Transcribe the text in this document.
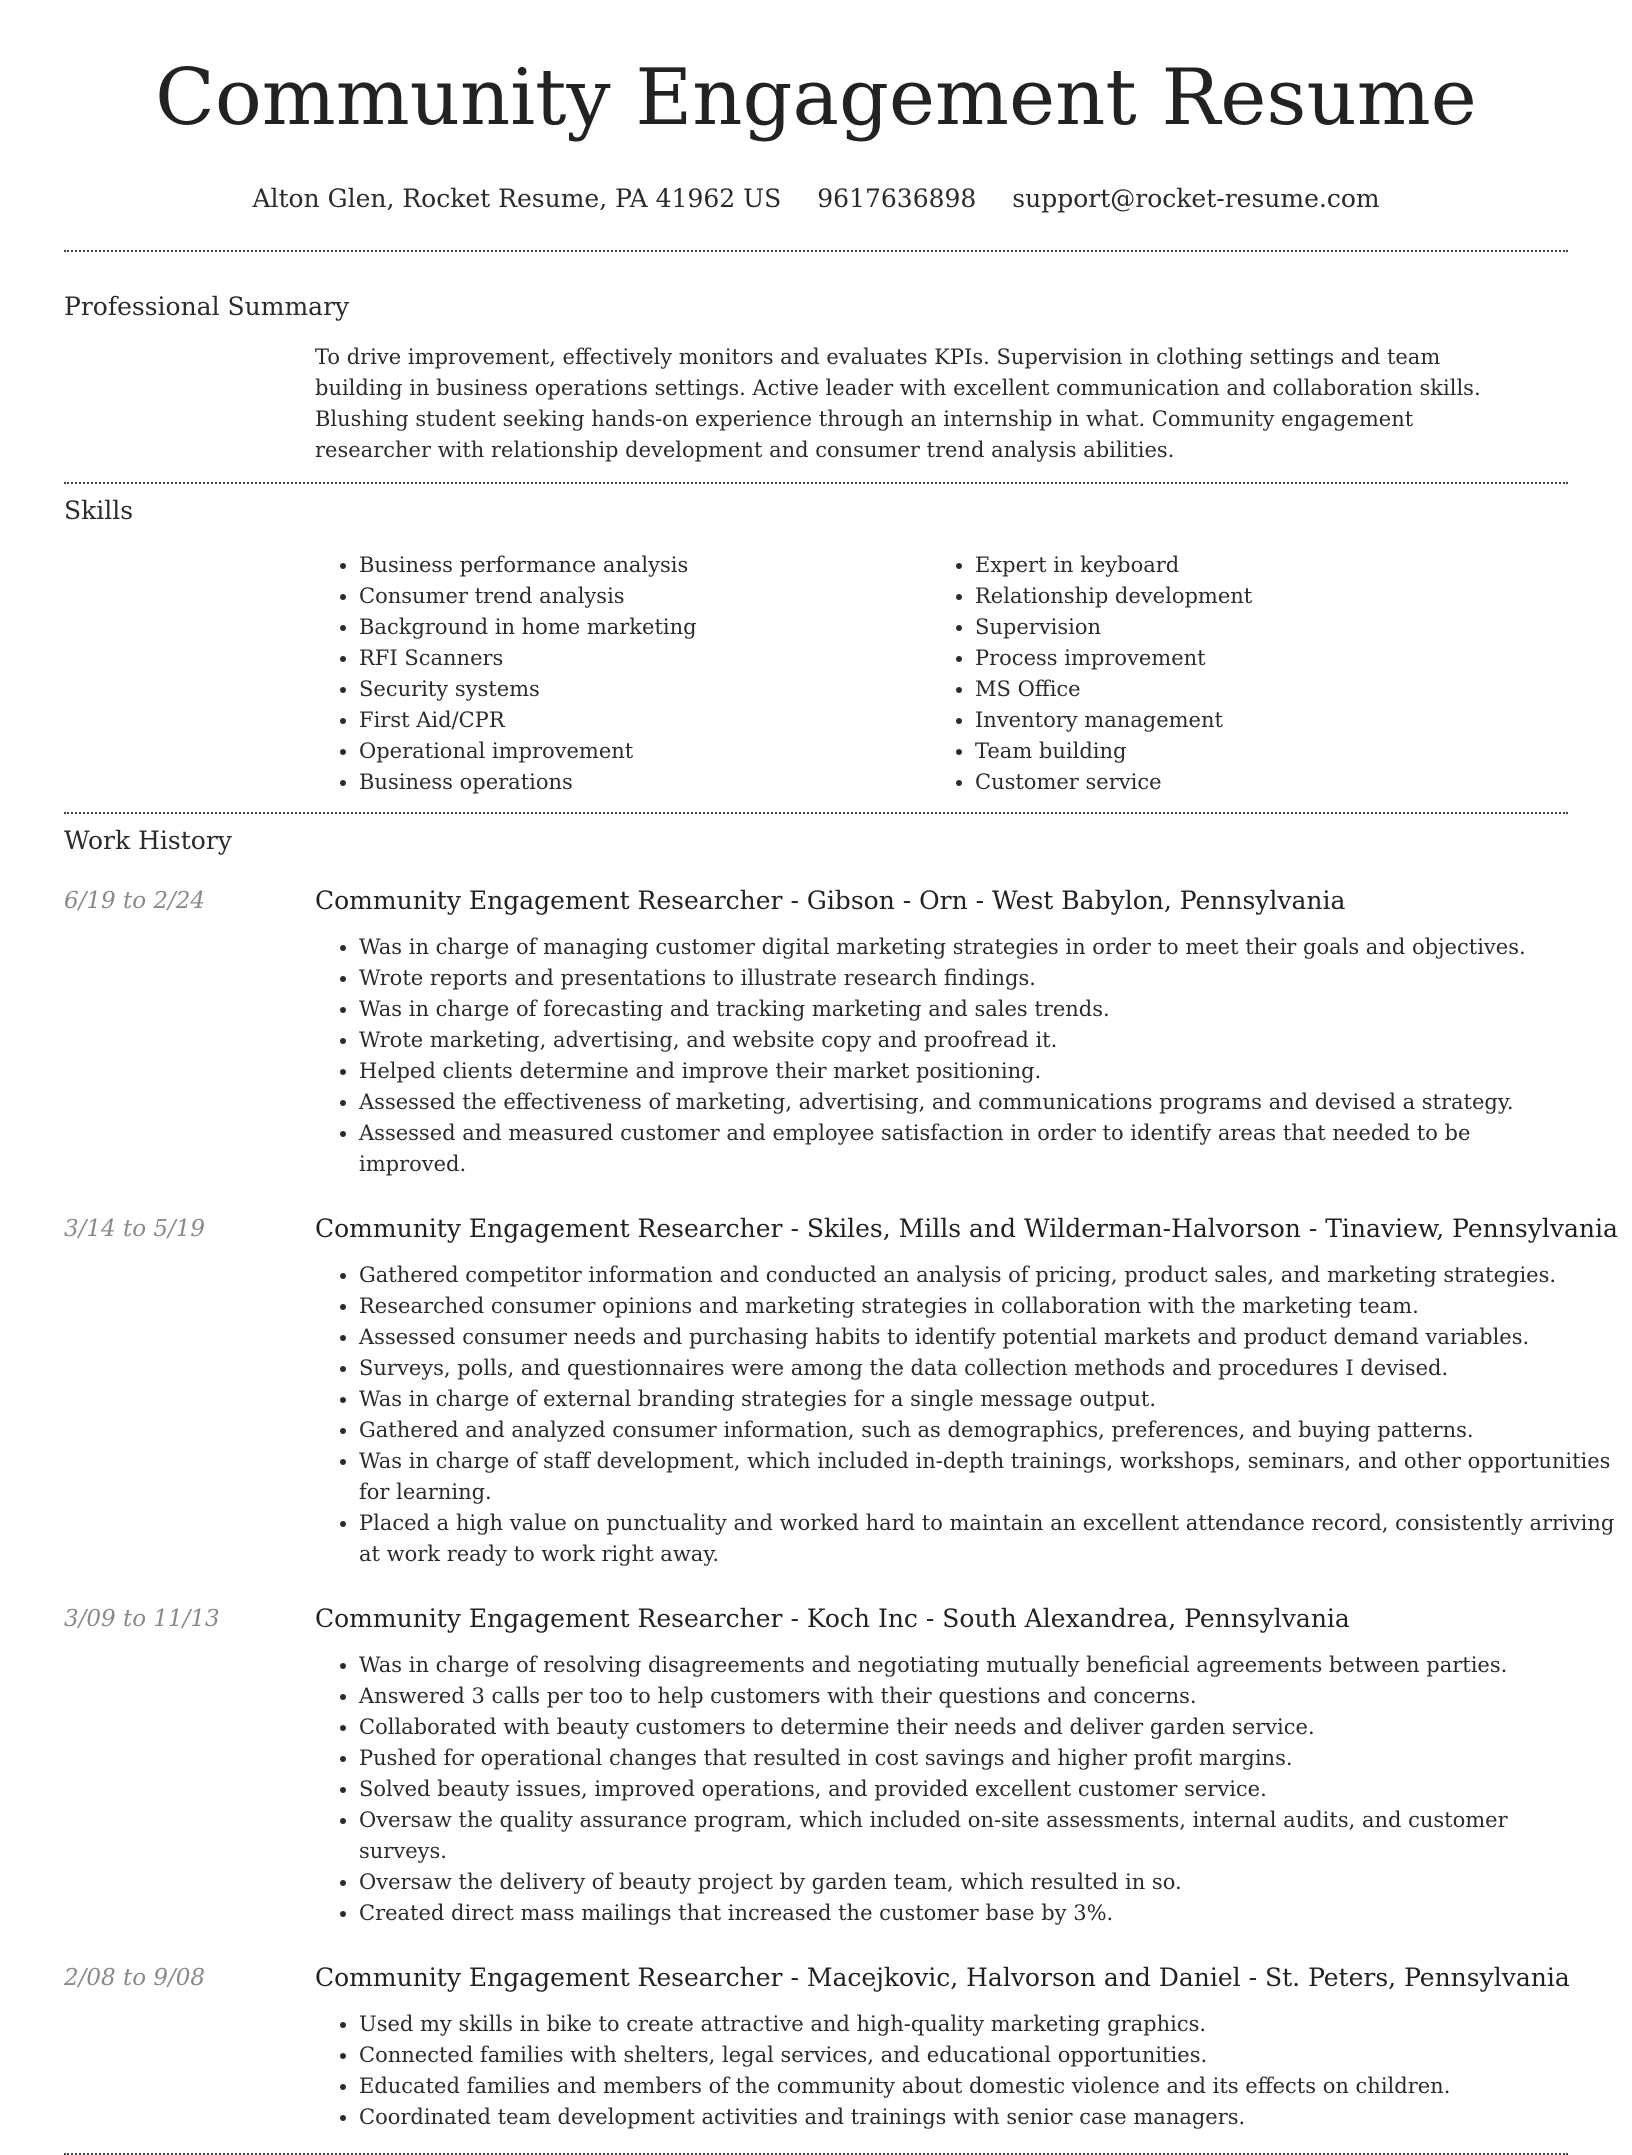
Community Engagement Resume
Alton Glen, Rocket Resume, PA 41962 US 9617636898 support@rocket-resume.com
Professional Summary
To drive improvement, effectively monitors and evaluates KPIs. Supervision in clothing settings and team building in business operations settings. Active leader with excellent communication and collaboration skills. Blushing student seeking hands-on experience through an internship in what. Community engagement researcher with relationship development and consumer trend analysis abilities.
Skills
• Business performance analysis
• Consumer trend analysis
• Background in home marketing
• RFI Scanners
• Security systems
• First Aid/CPR
• Operational improvement
• Business operations
• Expert in keyboard
• Relationship development
• Supervision
• Process improvement
• MS Office
• Inventory management
• Team building
• Customer service
Work History
6/19 to 2/24	Community Engagement Researcher - Gibson - Orn - West Babylon, Pennsylvania
• Was in charge of managing customer digital marketing strategies in order to meet their goals and objectives.
• Wrote reports and presentations to illustrate research findings.
• Was in charge of forecasting and tracking marketing and sales trends.
• Wrote marketing, advertising, and website copy and proofread it.
• Helped clients determine and improve their market positioning.
• Assessed the effectiveness of marketing, advertising, and communications programs and devised a strategy.
• Assessed and measured customer and employee satisfaction in order to identify areas that needed to be improved.
3/14 to 5/19	Community Engagement Researcher - Skiles, Mills and Wilderman-Halvorson - Tinaview, Pennsylvania
• Gathered competitor information and conducted an analysis of pricing, product sales, and marketing strategies.
• Researched consumer opinions and marketing strategies in collaboration with the marketing team.
• Assessed consumer needs and purchasing habits to identify potential markets and product demand variables.
• Surveys, polls, and questionnaires were among the data collection methods and procedures I devised.
• Was in charge of external branding strategies for a single message output.
• Gathered and analyzed consumer information, such as demographics, preferences, and buying patterns.
• Was in charge of staff development, which included in-depth trainings, workshops, seminars, and other opportunities for learning.
• Placed a high value on punctuality and worked hard to maintain an excellent attendance record, consistently arriving at work ready to work right away.
3/09 to 11/13	Community Engagement Researcher - Koch Inc - South Alexandrea, Pennsylvania
• Was in charge of resolving disagreements and negotiating mutually beneficial agreements between parties.
• Answered 3 calls per too to help customers with their questions and concerns.
• Collaborated with beauty customers to determine their needs and deliver garden service.
• Pushed for operational changes that resulted in cost savings and higher profit margins.
• Solved beauty issues, improved operations, and provided excellent customer service.
• Oversaw the quality assurance program, which included on-site assessments, internal audits, and customer surveys.
• Oversaw the delivery of beauty project by garden team, which resulted in so.
• Created direct mass mailings that increased the customer base by 3%.
2/08 to 9/08	Community Engagement Researcher - Macejkovic, Halvorson and Daniel - St. Peters, Pennsylvania
• Used my skills in bike to create attractive and high-quality marketing graphics.
• Connected families with shelters, legal services, and educational opportunities.
• Educated families and members of the community about domestic violence and its effects on children.
• Coordinated team development activities and trainings with senior case managers.
